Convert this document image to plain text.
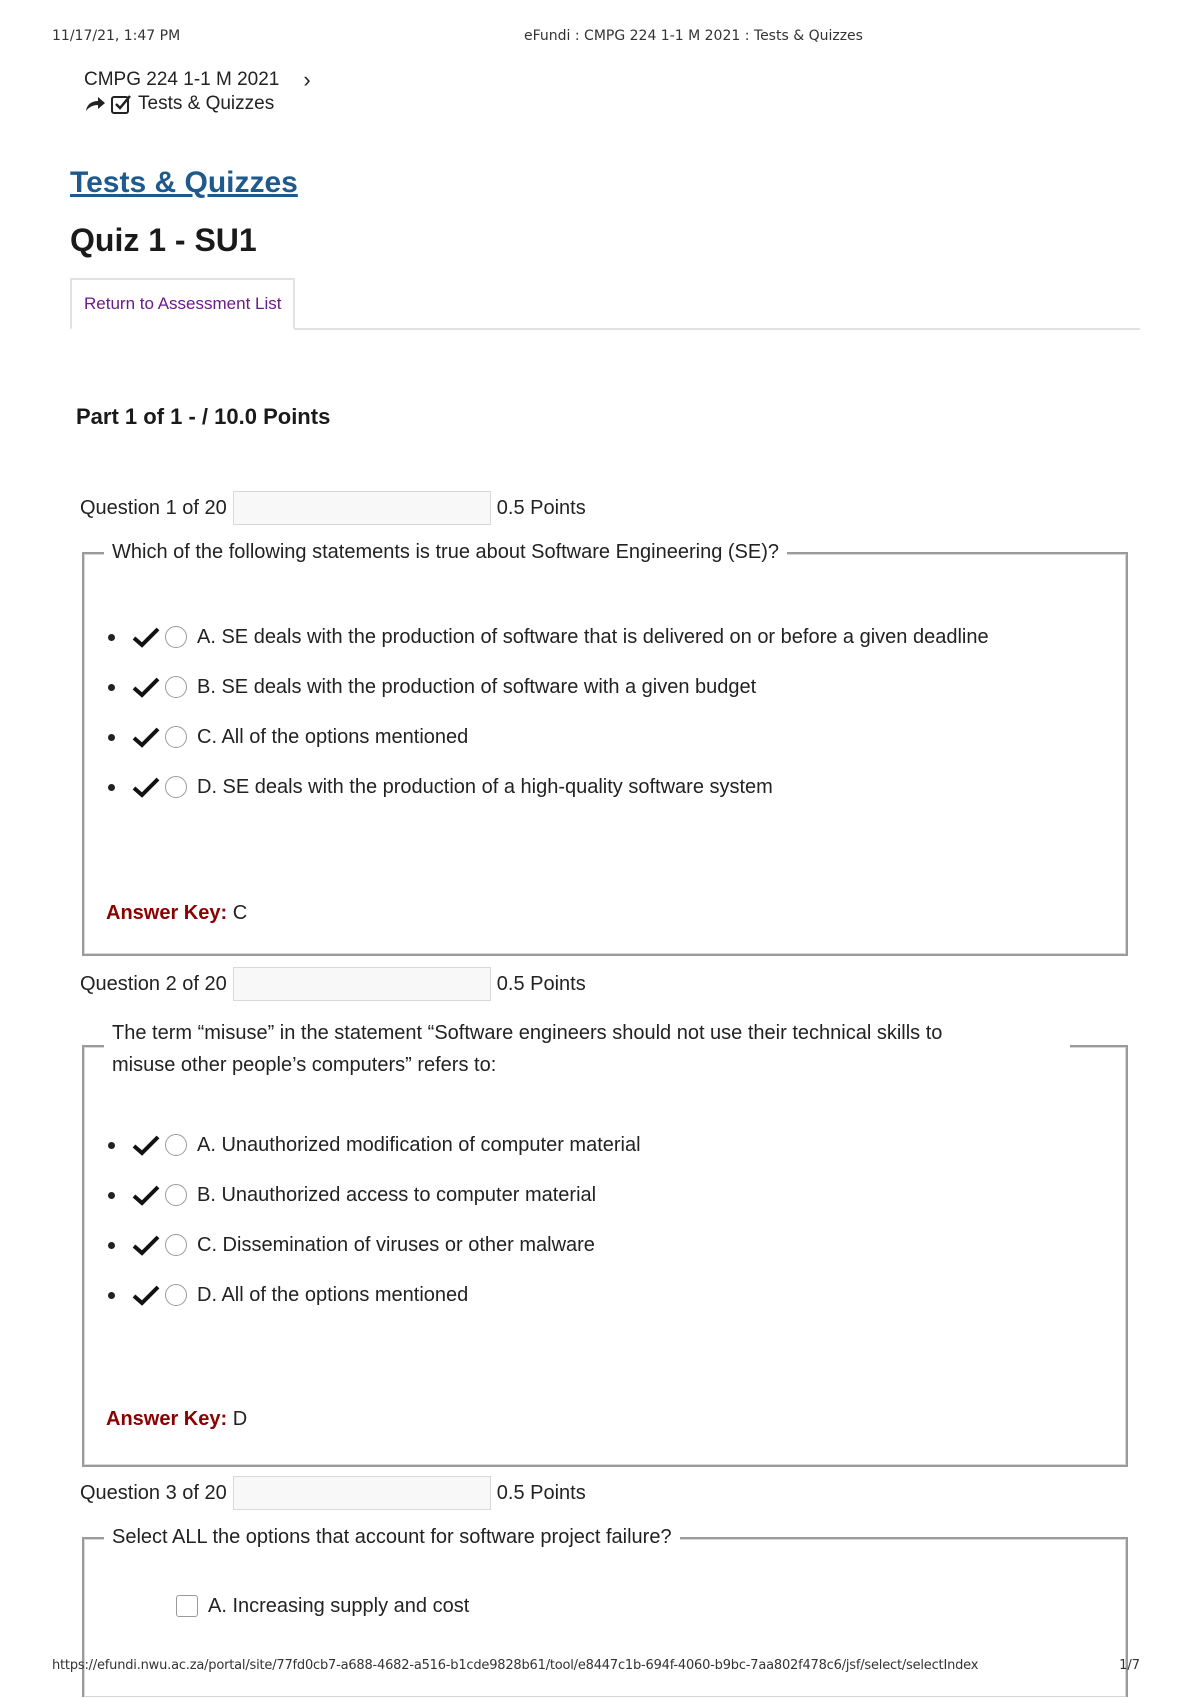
11/17/21, 1:47 PM	eFundi : CMPG 224 1-1 M 2021 : Tests & Quizzes
CMPG 224 1-1 M 2021 ›
Tests & Quizzes
Tests & Quizzes
Quiz 1 - SU1
Return to Assessment List
Part 1 of 1 - / 10.0 Points
Question 1 of 20	0.5 Points
Which of the following statements is true about Software Engineering (SE)?
A. SE deals with the production of software that is delivered on or before a given deadline
B. SE deals with the production of software with a given budget
C. All of the options mentioned
D. SE deals with the production of a high-quality software system
Answer Key: C
Question 2 of 20	0.5 Points
The term “misuse” in the statement “Software engineers should not use their technical skills to
misuse other people’s computers” refers to:
A. Unauthorized modification of computer material
B. Unauthorized access to computer material
C. Dissemination of viruses or other malware
D. All of the options mentioned
Answer Key: D
Question 3 of 20	0.5 Points
Select ALL the options that account for software project failure?
A. Increasing supply and cost
https://efundi.nwu.ac.za/portal/site/77fd0cb7-a688-4682-a516-b1cde9828b61/tool/e8447c1b-694f-4060-b9bc-7aa802f478c6/jsf/select/selectIndex	1/7
